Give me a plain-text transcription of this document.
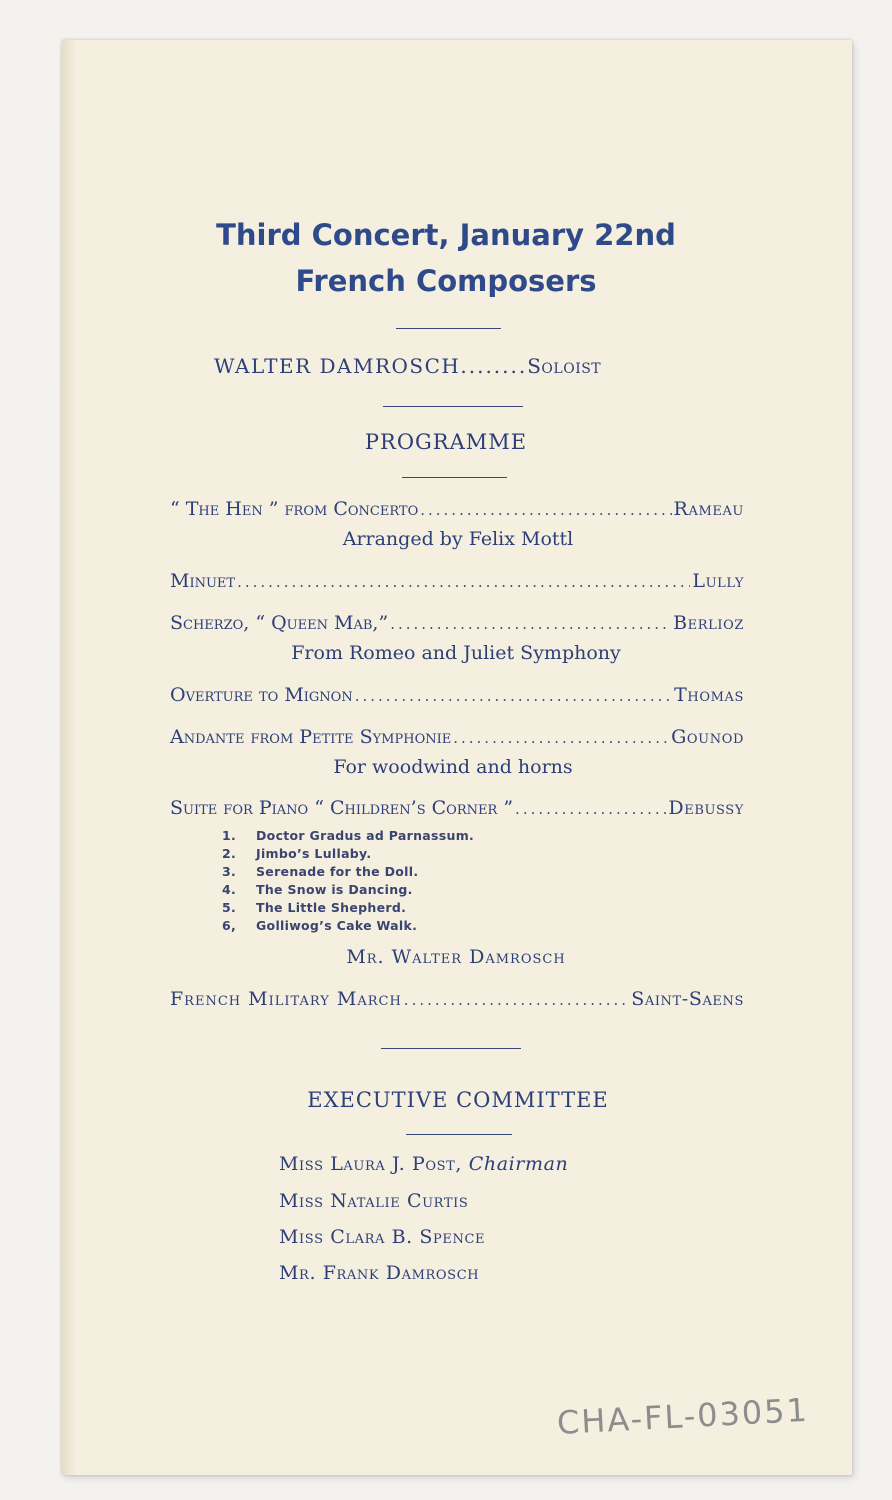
Third Concert, January 22nd
French Composers
WALTER DAMROSCH........Soloist
PROGRAMME
“ The Hen ” from Concerto .....	Rameau
Arranged by Felix Mottl
Minuet .....	Lully
Scherzo, “ Queen Mab,” .....	Berlioz
From Romeo and Juliet Symphony
Overture to Mignon .....	Thomas
Andante from Petite Symphonie .....	Gounod
For woodwind and horns
Suite for Piano “ Children’s Corner ” .....	Debussy
1. Doctor Gradus ad Parnassum.
2. Jimbo’s Lullaby.
3. Serenade for the Doll.
4. The Snow is Dancing.
5. The Little Shepherd.
6, Golliwog’s Cake Walk.
Mr. Walter Damrosch
French Military March .....	Saint-Saens
EXECUTIVE COMMITTEE
Miss Laura J. Post, Chairman
Miss Natalie Curtis
Miss Clara B. Spence
Mr. Frank Damrosch
CHA-FL-03051
